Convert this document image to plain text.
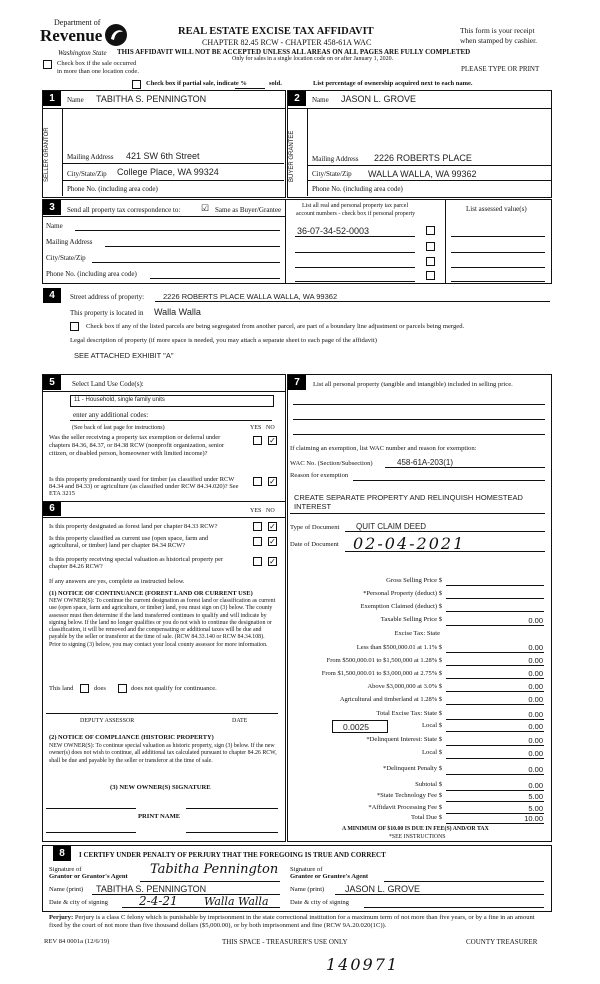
Department of
Revenue
Washington State
REAL ESTATE EXCISE TAX AFFIDAVIT
CHAPTER 82.45 RCW - CHAPTER 458-61A WAC
This form is your receipt
when stamped by cashier.
THIS AFFIDAVIT WILL NOT BE ACCEPTED UNLESS ALL AREAS ON ALL PAGES ARE FULLY COMPLETED
Only for sales in a single location code on or after January 1, 2020.
Check box if the sale occurred
in more than one location code.	PLEASE TYPE OR PRINT
Check box if partial sale, indicate %	sold.	List percentage of ownership acquired next to each name.
1	Name TABITHA S. PENNINGTON
SELLER GRANTOR Mailing Address 421 SW 6th Street
City/State/Zip College Place, WA 99324
Phone No. (including area code)
2	Name JASON L. GROVE
BUYER GRANTEE Mailing Address 2226 ROBERTS PLACE
City/State/Zip WALLA WALLA, WA 99362
Phone No. (including area code)
3	Send all property tax correspondence to: ☑ Same as Buyer/Grantee	List all real and personal property tax parcel
account numbers - check box if personal property
List assessed value(s)
Name
Mailing Address
City/State/Zip
Phone No. (including area code)
36-07-34-52-0003
4	Street address of property:	2226 ROBERTS PLACE WALLA WALLA, WA 99362
This property is located in Walla Walla
Check box if any of the listed parcels are being segregated from another parcel, are part of a boundary line adjustment or parcels being merged.
Legal description of property (if more space is needed, you may attach a separate sheet to each page of the affidavit)
SEE ATTACHED EXHIBIT "A"
5	Select Land Use Code(s):
11 - Household, single family units
enter any additional codes:
(See back of last page for instructions)	YES NO
Was the seller receiving a property tax exemption or deferral under chapters 84.36, 84.37, or 84.38 RCW (nonprofit organization, senior citizen, or disabled person, homeowner with limited income)?
✓
Is this property predominantly used for timber (as classified under RCW 84.34 and 84.33) or agriculture (as classified under RCW 84.34.020)? See ETA 3215
✓
6	YES NO
Is this property designated as forest land per chapter 84.33 RCW?	✓
Is this property classified as current use (open space, farm and agricultural, or timber) land per chapter 84.34 RCW?	✓
Is this property receiving special valuation as historical property per chapter 84.26 RCW?
✓
If any answers are yes, complete as instructed below.
(1) NOTICE OF CONTINUANCE (FOREST LAND OR CURRENT USE)
NEW OWNER(S): To continue the current designation as forest land or classification as current use (open space, farm and agriculture, or timber) land, you must sign on (3) below. The county assessor must then determine if the land transferred continues to qualify and will indicate by signing below. If the land no longer qualifies or you do not wish to continue the designation or classification, it will be removed and the compensating or additional taxes will be due and payable by the seller or transferor at the time of sale. (RCW 84.33.140 or RCW 84.34.108). Prior to signing (3) below, you may contact your local county assessor for more information.
This land	does	does not qualify for continuance.
DEPUTY ASSESSOR	DATE
(2) NOTICE OF COMPLIANCE (HISTORIC PROPERTY)
NEW OWNER(S): To continue special valuation as historic property, sign (3) below. If the new owner(s) does not wish to continue, all additional tax calculated pursuant to chapter 84.26 RCW, shall be due and payable by the seller or transferor at the time of sale.
(3) NEW OWNER(S) SIGNATURE
PRINT NAME
7	List all personal property (tangible and intangible) included in selling price.
If claiming an exemption, list WAC number and reason for exemption:
WAC No. (Section/Subsection)	458-61A-203(1)
Reason for exemption
CREATE SEPARATE PROPERTY AND RELINQUISH HOMESTEAD INTEREST
Type of Document QUIT CLAIM DEED
Date of Document 02-04-2021
Gross Selling Price $
*Personal Property (deduct) $
Exemption Claimed (deduct) $
Taxable Selling Price $	0.00
Excise Tax: State
Less than $500,000.01 at 1.1% $	0.00
From $500,000.01 to $1,500,000 at 1.28% $	0.00
From $1,500,000.01 to $3,000,000 at 2.75% $	0.00
Above $3,000,000 at 3.0% $	0.00
Agricultural and timberland at 1.28% $	0.00
Total Excise Tax: State $	0.00
0.0025	Local $	0.00
*Delinquent Interest: State $	0.00
Local $	0.00
*Delinquent Penalty $	0.00
Subtotal $	0.00
*State Technology Fee $	5.00
*Affidavit Processing Fee $	5.00
Total Due $	10.00
A MINIMUM OF $10.00 IS DUE IN FEE(S) AND/OR TAX
*SEE INSTRUCTIONS
8	I CERTIFY UNDER PENALTY OF PERJURY THAT THE FOREGOING IS TRUE AND CORRECT
Signature of
Grantor or Grantor's Agent Tabitha Pennington Signature of
Grantee or Grantee's Agent
Name (print) TABITHA S. PENNINGTON	Name (print) JASON L. GROVE
Date & city of signing	2-4-21 Walla Walla	Date & city of signing
Perjury: Perjury is a class C felony which is punishable by imprisonment in the state correctional institution for a maximum term of not more than five years, or by a fine in an amount fixed by the court of not more than five thousand dollars ($5,000.00), or by both imprisonment and fine (RCW 9A.20.020(1C)).
REV 84 0001a (12/6/19)	THIS SPACE - TREASURER'S USE ONLY	COUNTY TREASURER
140971
